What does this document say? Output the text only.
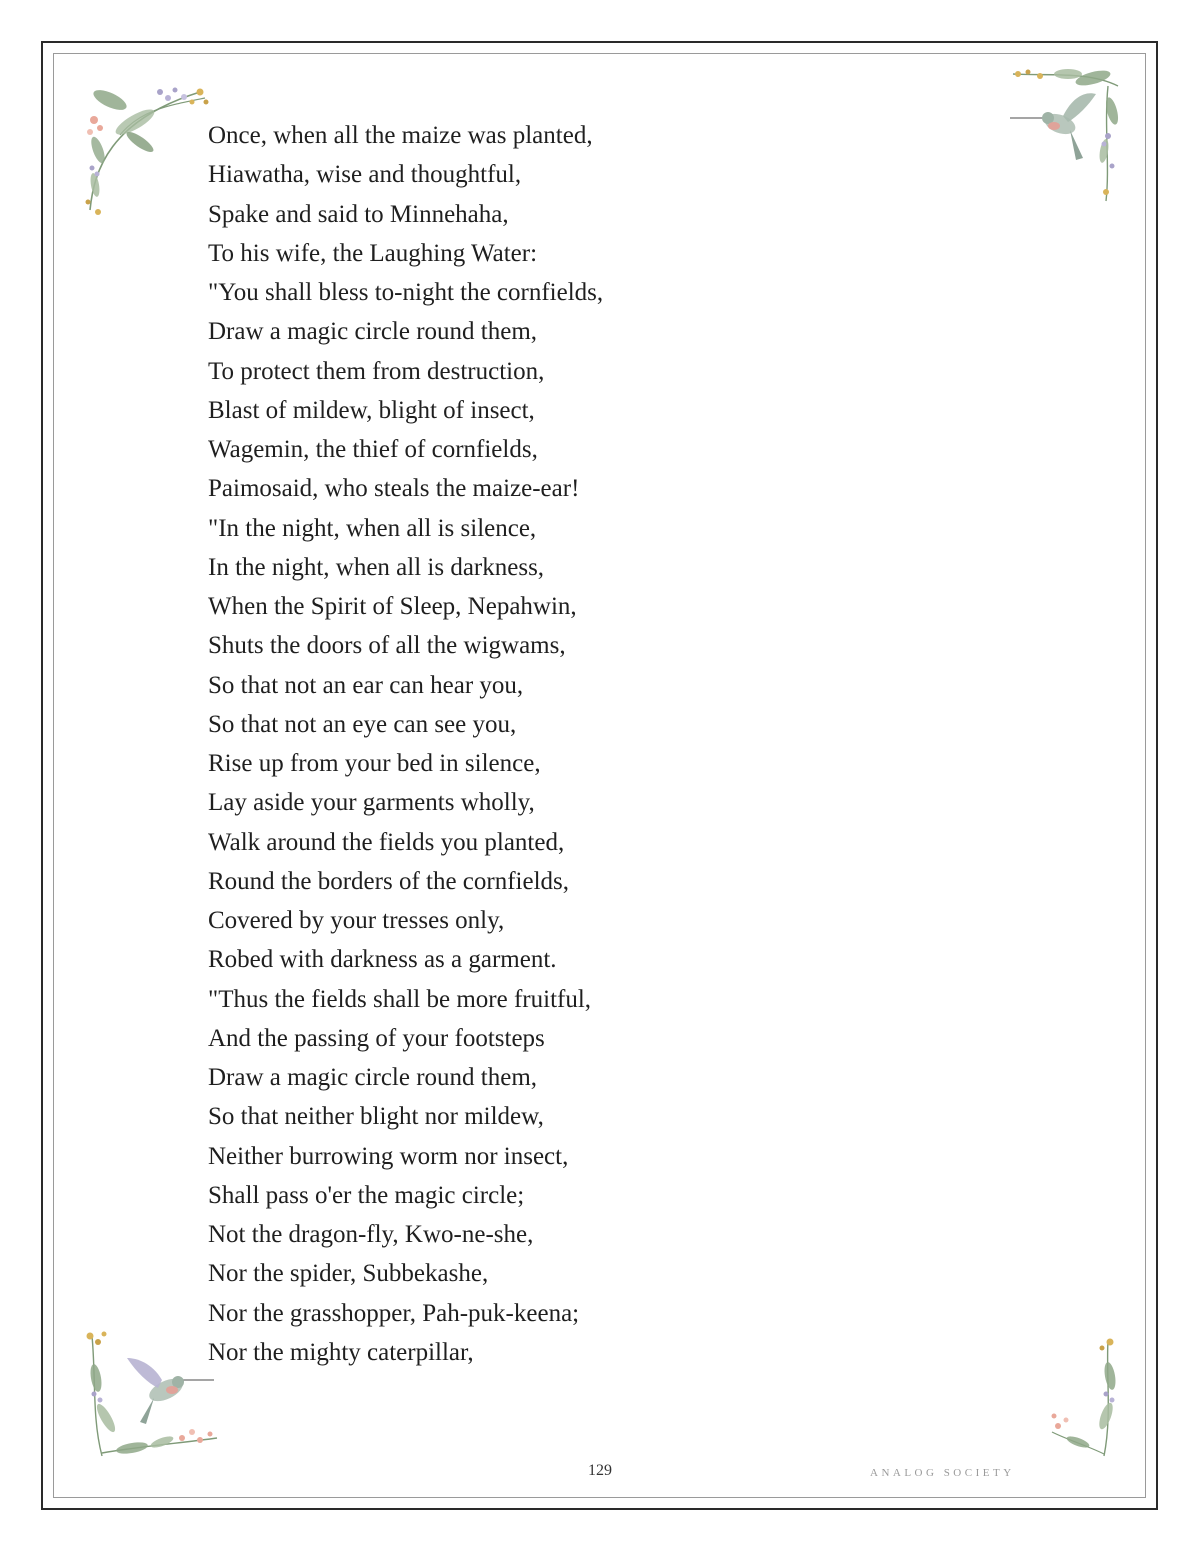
Once, when all the maize was planted,
Hiawatha, wise and thoughtful,
Spake and said to Minnehaha,
To his wife, the Laughing Water:
"You shall bless to-night the cornfields,
Draw a magic circle round them,
To protect them from destruction,
Blast of mildew, blight of insect,
Wagemin, the thief of cornfields,
Paimosaid, who steals the maize-ear!
"In the night, when all is silence,
In the night, when all is darkness,
When the Spirit of Sleep, Nepahwin,
Shuts the doors of all the wigwams,
So that not an ear can hear you,
So that not an eye can see you,
Rise up from your bed in silence,
Lay aside your garments wholly,
Walk around the fields you planted,
Round the borders of the cornfields,
Covered by your tresses only,
Robed with darkness as a garment.
"Thus the fields shall be more fruitful,
And the passing of your footsteps
Draw a magic circle round them,
So that neither blight nor mildew,
Neither burrowing worm nor insect,
Shall pass o'er the magic circle;
Not the dragon-fly, Kwo-ne-she,
Nor the spider, Subbekashe,
Nor the grasshopper, Pah-puk-keena;
Nor the mighty caterpillar,
129	ANALOG SOCIETY
